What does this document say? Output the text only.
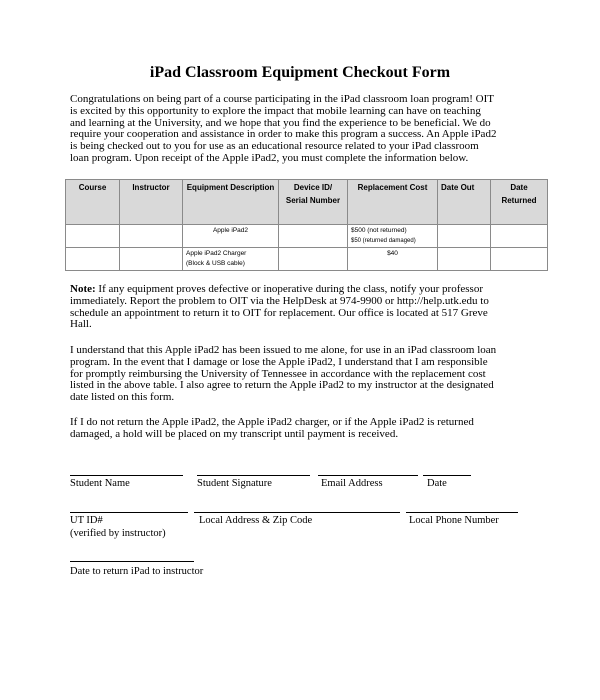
iPad Classroom Equipment Checkout Form
Congratulations on being part of a course participating in the iPad classroom loan program! OIT
is excited by this opportunity to explore the impact that mobile learning can have on teaching
and learning at the University, and we hope that you find the experience to be beneficial. We do
require your cooperation and assistance in order to make this program a success. An Apple iPad2
is being checked out to you for use as an educational resource related to your iPad classroom
loan program. Upon receipt of the Apple iPad2, you must complete the information below.
Course	Instructor	Equipment Description	Device ID/ Serial Number	Replacement Cost	Date Out	Date Returned
		Apple iPad2		$500 (not returned)
$50 (returned damaged)		

		Apple iPad2 Charger
(Block & USB cable)		$40		
Note: If any equipment proves defective or inoperative during the class, notify your professor
immediately. Report the problem to OIT via the HelpDesk at 974-9900 or http://help.utk.edu to
schedule an appointment to return it to OIT for replacement. Our office is located at 517 Greve
Hall.
I understand that this Apple iPad2 has been issued to me alone, for use in an iPad classroom loan
program. In the event that I damage or lose the Apple iPad2, I understand that I am responsible
for promptly reimbursing the University of Tennessee in accordance with the replacement cost
listed in the above table. I also agree to return the Apple iPad2 to my instructor at the designated
date listed on this form.
If I do not return the Apple iPad2, the Apple iPad2 charger, or if the Apple iPad2 is returned
damaged, a hold will be placed on my transcript until payment is received.
Student Name	Student Signature	Email Address	Date
UT ID#
(verified by instructor)
Local Address & Zip Code	Local Phone Number
Date to return iPad to instructor
